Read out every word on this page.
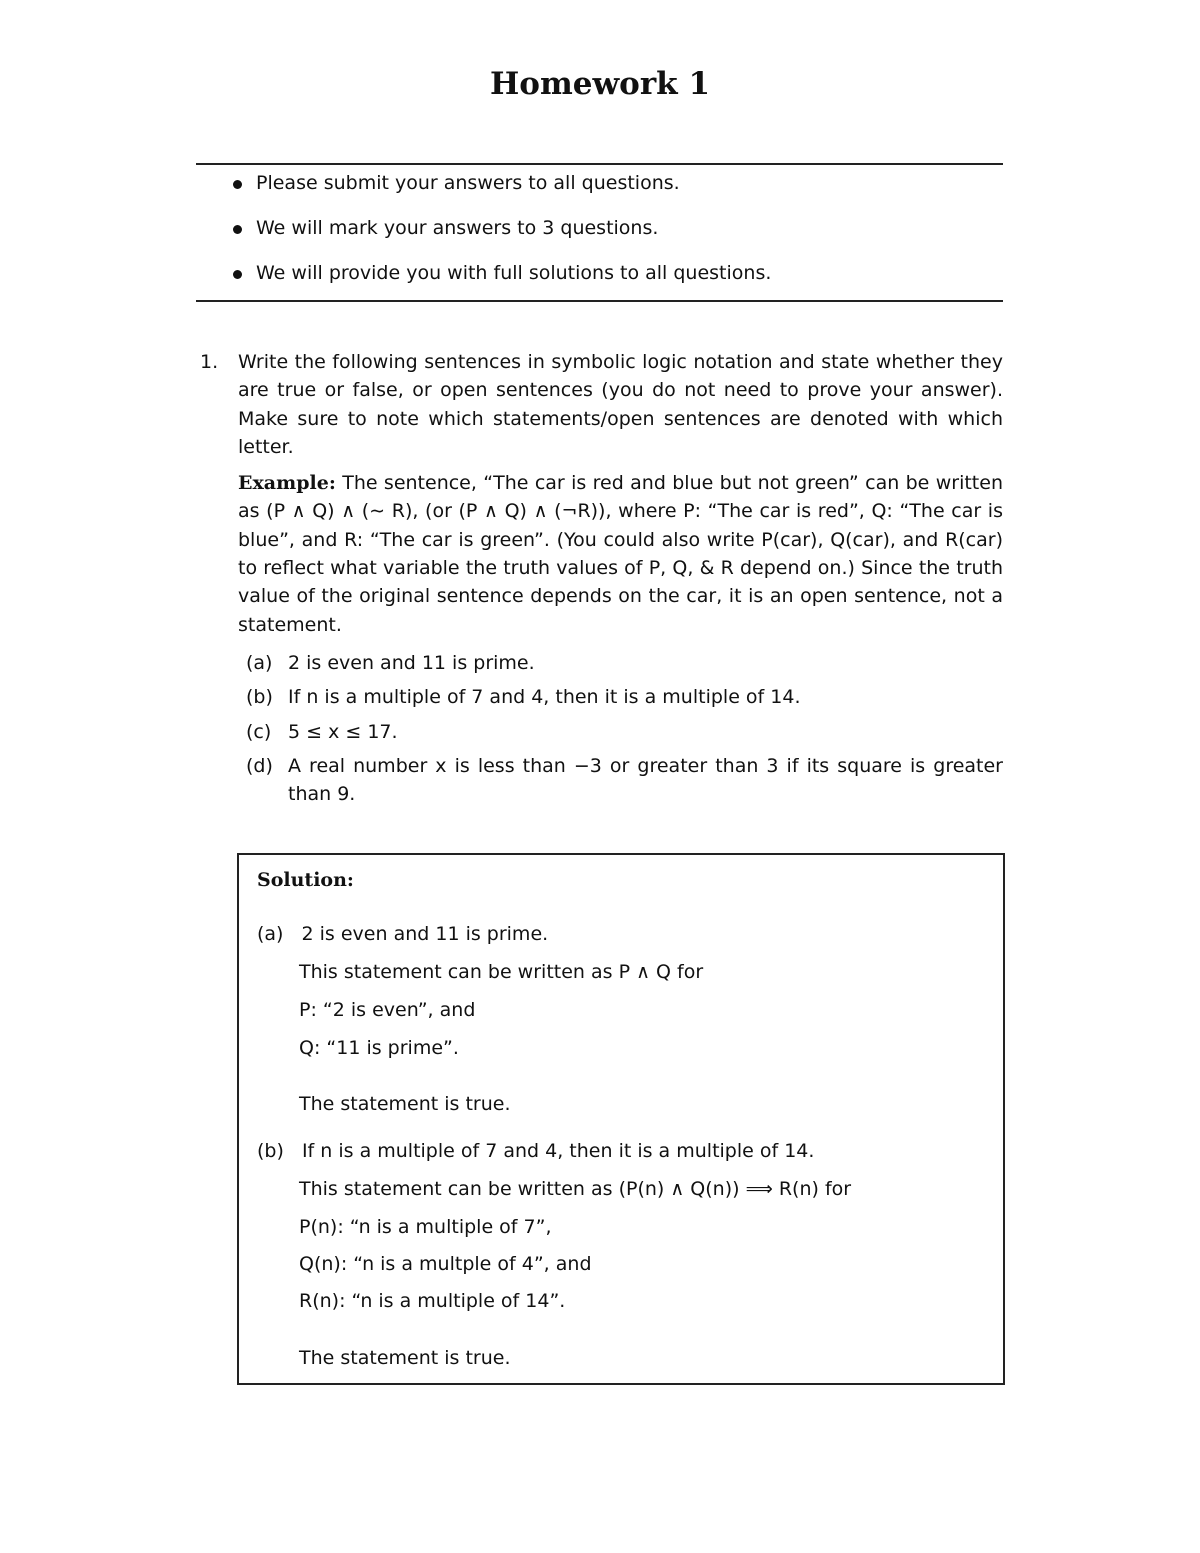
Homework 1
Please submit your answers to all questions.
We will mark your answers to 3 questions.
We will provide you with full solutions to all questions.
1. Write the following sentences in symbolic logic notation and state whether they are true or false, or open sentences (you do not need to prove your answer). Make sure to note which statements/open sentences are denoted with which letter.

Example: The sentence, “The car is red and blue but not green” can be written as (P ∧ Q) ∧ (∼ R), (or (P ∧ Q) ∧ (¬R)), where P: “The car is red”, Q: “The car is blue”, and R: “The car is green”. (You could also write P(car), Q(car), and R(car) to reflect what variable the truth values of P, Q, & R depend on.) Since the truth value of the original sentence depends on the car, it is an open sentence, not a statement.

(a) 2 is even and 11 is prime.
(b) If n is a multiple of 7 and 4, then it is a multiple of 14.
(c) 5 ≤ x ≤ 17.
(d) A real number x is less than −3 or greater than 3 if its square is greater than 9.
Solution:
(a) 2 is even and 11 is prime.
This statement can be written as P ∧ Q for
P: “2 is even”, and
Q: “11 is prime”.
The statement is true.
(b) If n is a multiple of 7 and 4, then it is a multiple of 14.
This statement can be written as (P(n) ∧ Q(n)) ⟹ R(n) for
P(n): “n is a multiple of 7”,
Q(n): “n is a multple of 4”, and
R(n): “n is a multiple of 14”.
The statement is true.
